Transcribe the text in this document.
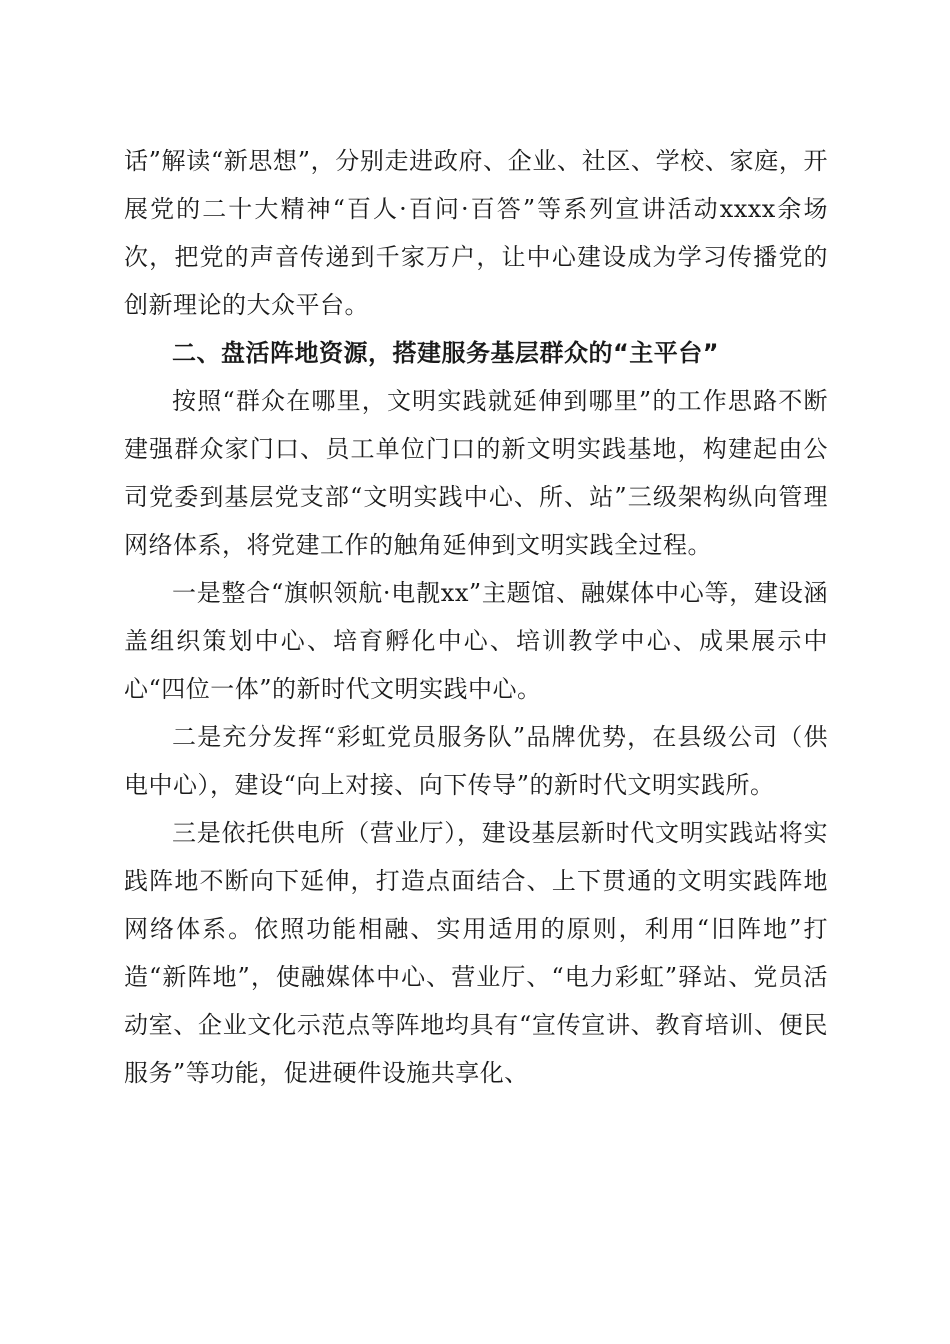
话”解读“新思想”，分别走进政府、企业、社区、学校、家庭，开展党的二十大精神“百人·百问·百答”等系列宣讲活动xxxx余场次，把党的声音传递到千家万户，让中心建设成为学习传播党的创新理论的大众平台。

二、盘活阵地资源，搭建服务基层群众的“主平台”

按照“群众在哪里，文明实践就延伸到哪里”的工作思路不断建强群众家门口、员工单位门口的新文明实践基地，构建起由公司党委到基层党支部“文明实践中心、所、站”三级架构纵向管理网络体系，将党建工作的触角延伸到文明实践全过程。

一是整合“旗帜领航·电靓xx”主题馆、融媒体中心等，建设涵盖组织策划中心、培育孵化中心、培训教学中心、成果展示中心“四位一体”的新时代文明实践中心。

二是充分发挥“彩虹党员服务队”品牌优势，在县级公司（供电中心），建设“向上对接、向下传导”的新时代文明实践所。

三是依托供电所（营业厅），建设基层新时代文明实践站将实践阵地不断向下延伸，打造点面结合、上下贯通的文明实践阵地网络体系。依照功能相融、实用适用的原则，利用“旧阵地”打造“新阵地”，使融媒体中心、营业厅、“电力彩虹”驿站、党员活动室、企业文化示范点等阵地均具有“宣传宣讲、教育培训、便民服务”等功能，促进硬件设施共享化、
